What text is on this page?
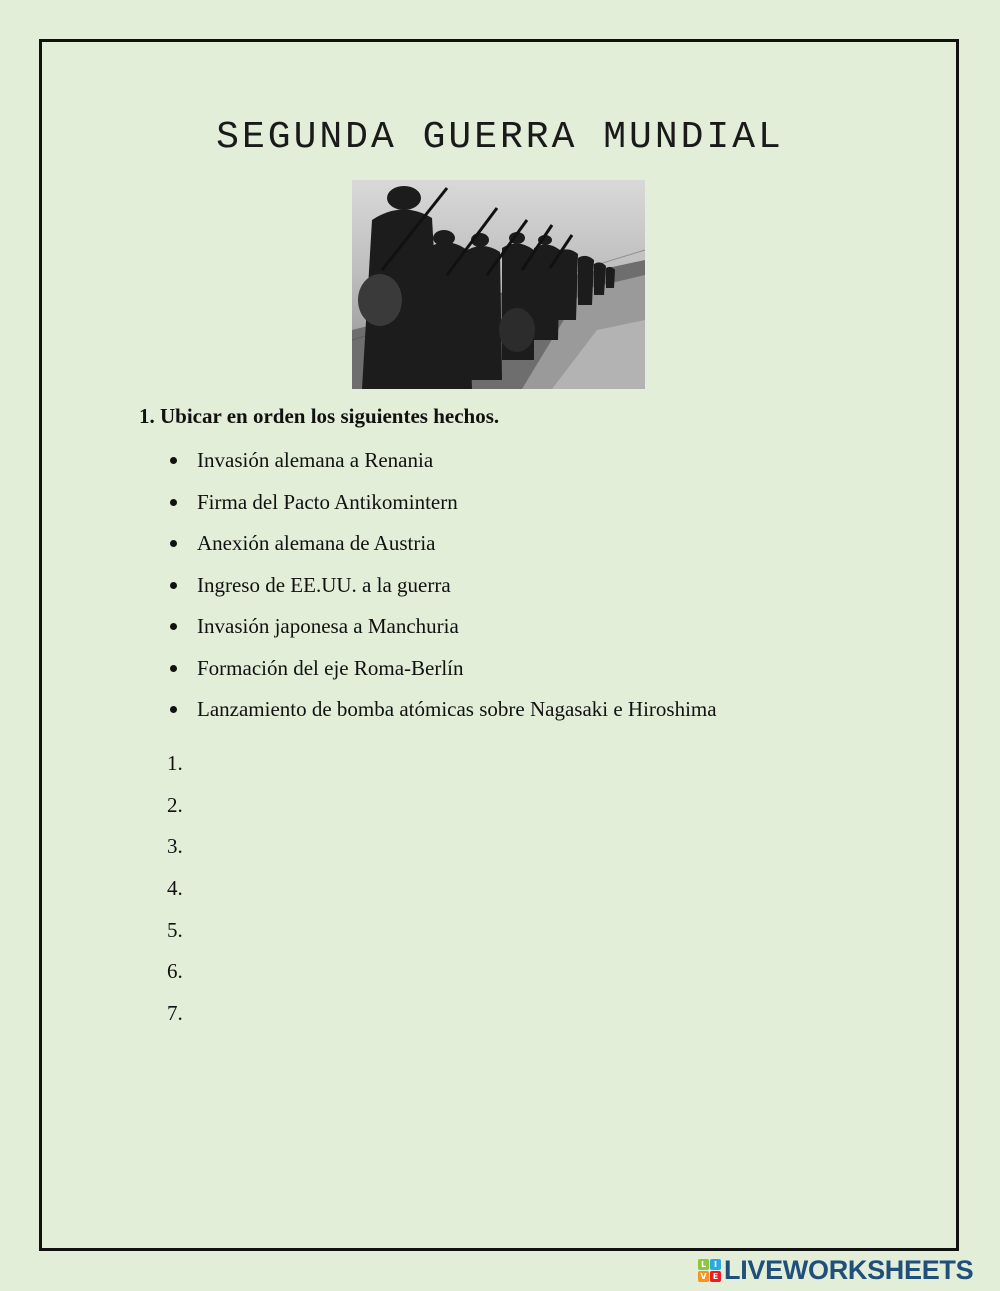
SEGUNDA GUERRA MUNDIAL
1. Ubicar en orden los siguientes hechos.
Invasión alemana a Renania
Firma del Pacto Antikomintern
Anexión alemana de Austria
Ingreso de EE.UU. a la guerra
Invasión japonesa a Manchuria
Formación del eje Roma-Berlín
Lanzamiento de bomba atómicas sobre Nagasaki e Hiroshima
1.
2.
3.
4.
5.
6.
7.
L I
V E LIVEWORKSHEETS
